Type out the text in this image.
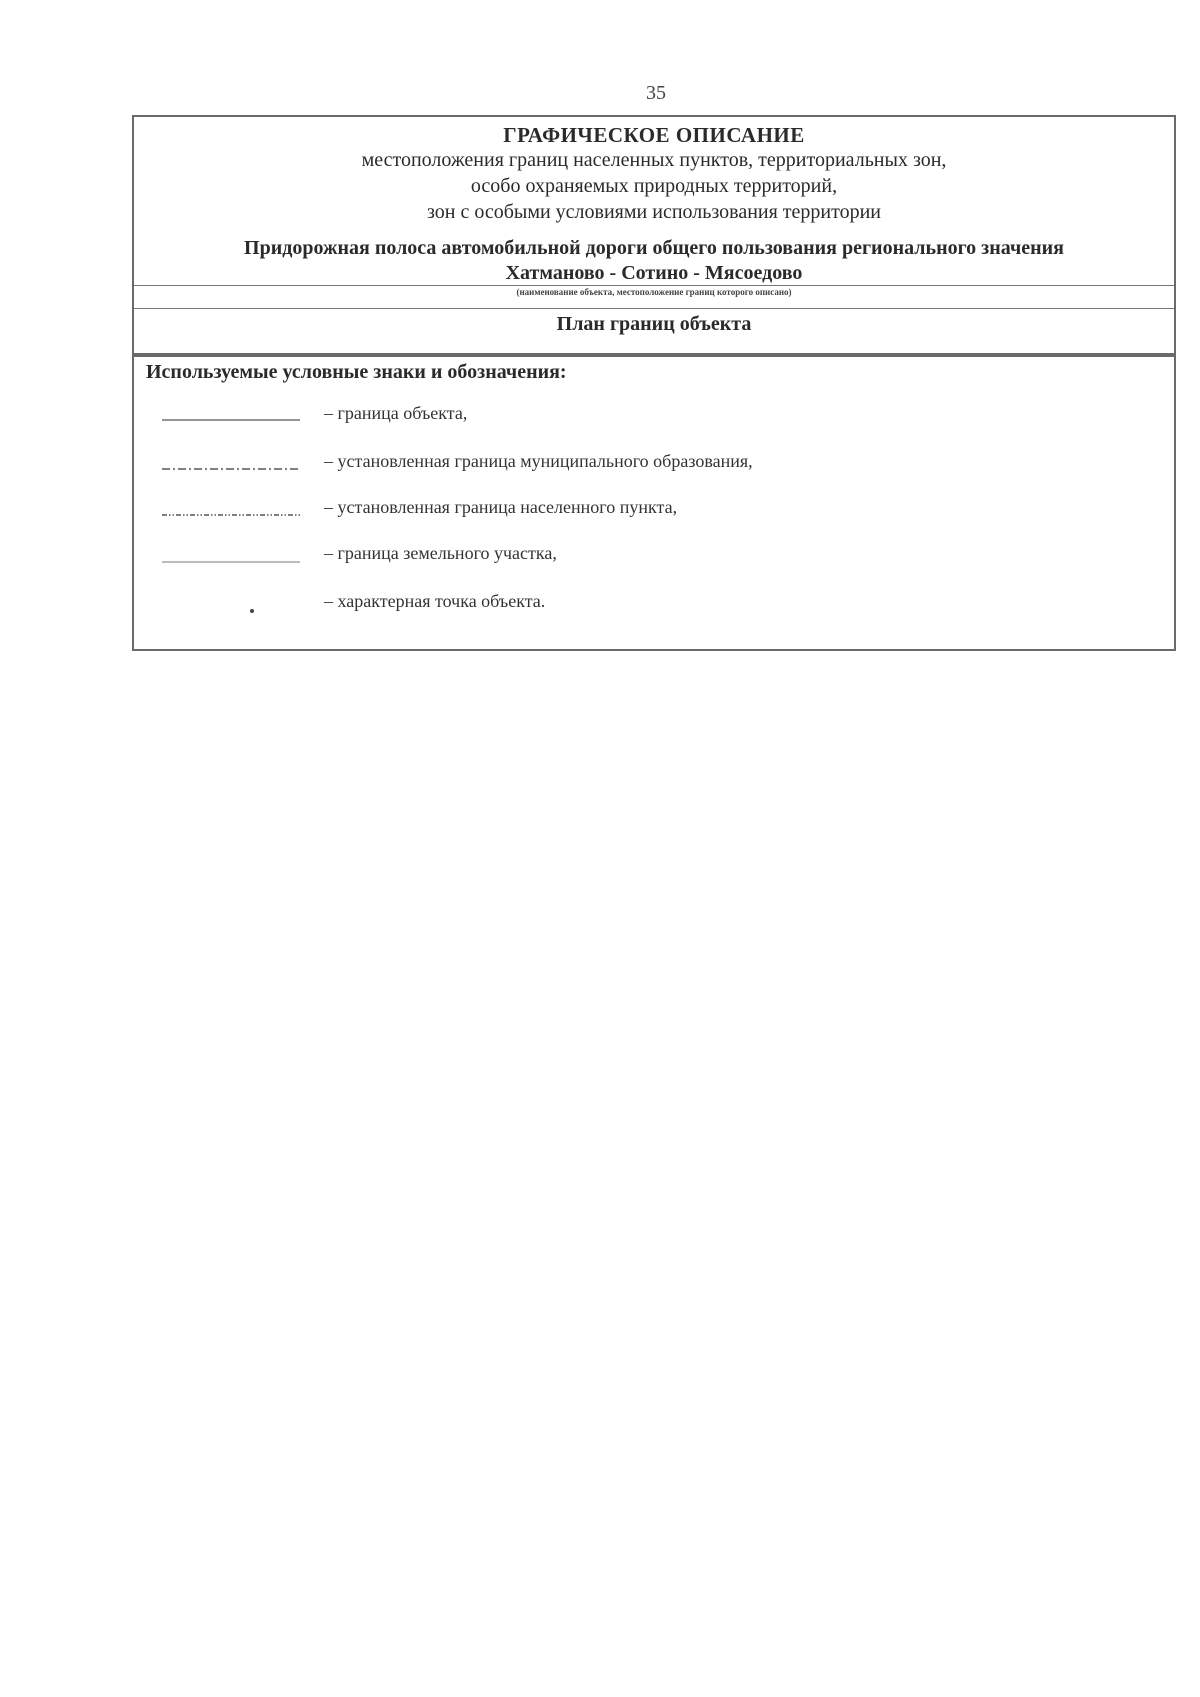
35
ГРАФИЧЕСКОЕ ОПИСАНИЕ
местоположения границ населенных пунктов, территориальных зон,
особо охраняемых природных территорий,
зон с особыми условиями использования территории
Придорожная полоса автомобильной дороги общего пользования регионального значения
Хатманово - Сотино - Мясоедово
(наименование объекта, местоположение границ которого описано)
План границ объекта
Используемые условные знаки и обозначения:
– граница объекта,
– установленная граница муниципального образования,
– установленная граница населенного пункта,
– граница земельного участка,
– характерная точка объекта.
